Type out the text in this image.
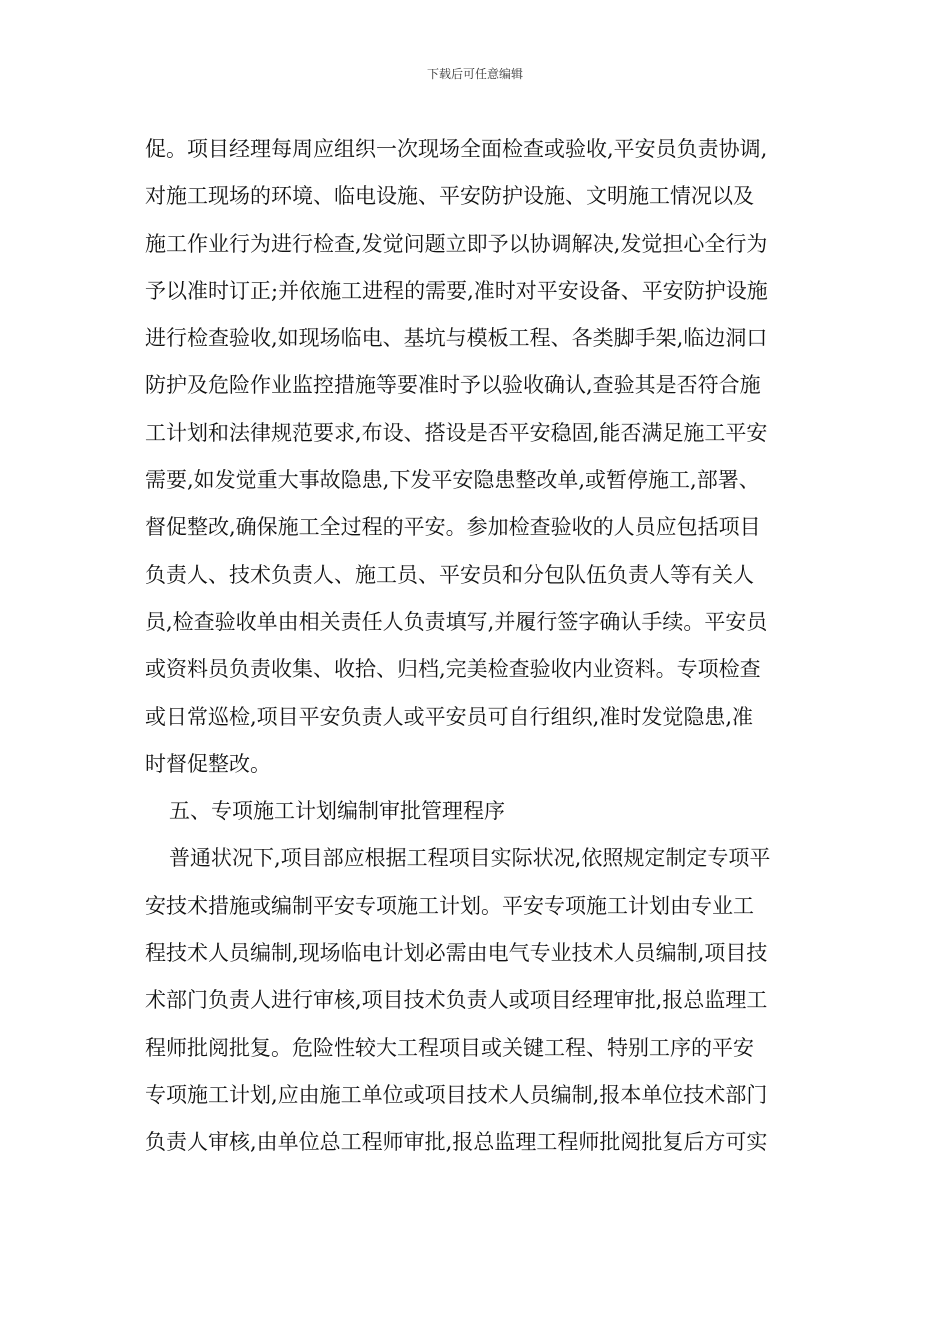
下载后可任意编辑
促。项目经理每周应组织一次现场全面检查或验收,平安员负责协调,
对施工现场的环境、临电设施、平安防护设施、文明施工情况以及
施工作业行为进行检查,发觉问题立即予以协调解决,发觉担心全行为
予以准时订正;并依施工进程的需要,准时对平安设备、平安防护设施
进行检查验收,如现场临电、基坑与模板工程、各类脚手架,临边洞口
防护及危险作业监控措施等要准时予以验收确认,查验其是否符合施
工计划和法律规范要求,布设、搭设是否平安稳固,能否满足施工平安
需要,如发觉重大事故隐患,下发平安隐患整改单,或暂停施工,部署、
督促整改,确保施工全过程的平安。参加检查验收的人员应包括项目
负责人、技术负责人、施工员、平安员和分包队伍负责人等有关人
员,检查验收单由相关责任人负责填写,并履行签字确认手续。平安员
或资料员负责收集、收拾、归档,完美检查验收内业资料。专项检查
或日常巡检,项目平安负责人或平安员可自行组织,准时发觉隐患,准
时督促整改。
五、专项施工计划编制审批管理程序
普通状况下,项目部应根据工程项目实际状况,依照规定制定专项平
安技术措施或编制平安专项施工计划。平安专项施工计划由专业工
程技术人员编制,现场临电计划必需由电气专业技术人员编制,项目技
术部门负责人进行审核,项目技术负责人或项目经理审批,报总监理工
程师批阅批复。危险性较大工程项目或关键工程、特别工序的平安
专项施工计划,应由施工单位或项目技术人员编制,报本单位技术部门
负责人审核,由单位总工程师审批,报总监理工程师批阅批复后方可实
